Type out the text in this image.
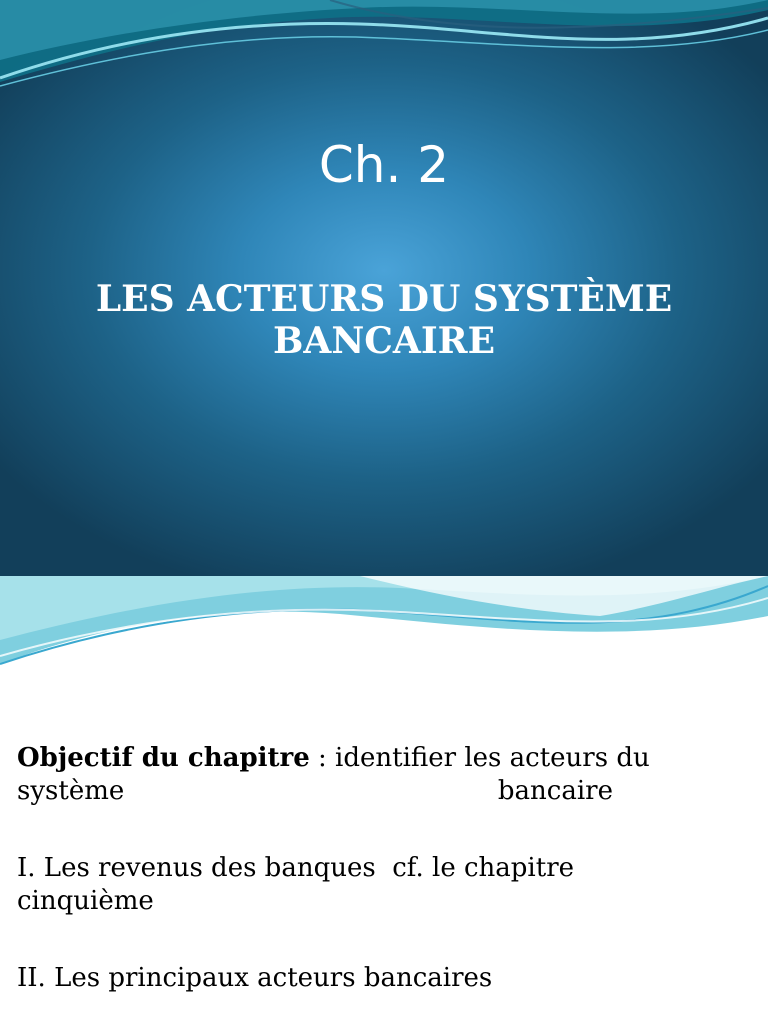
Ch. 2
LES ACTEURS DU SYSTÈME
BANCAIRE
Objectif du chapitre : identifier les acteurs du
système	bancaire
I. Les revenus des banques  cf. le chapitre
cinquième
II. Les principaux acteurs bancaires
